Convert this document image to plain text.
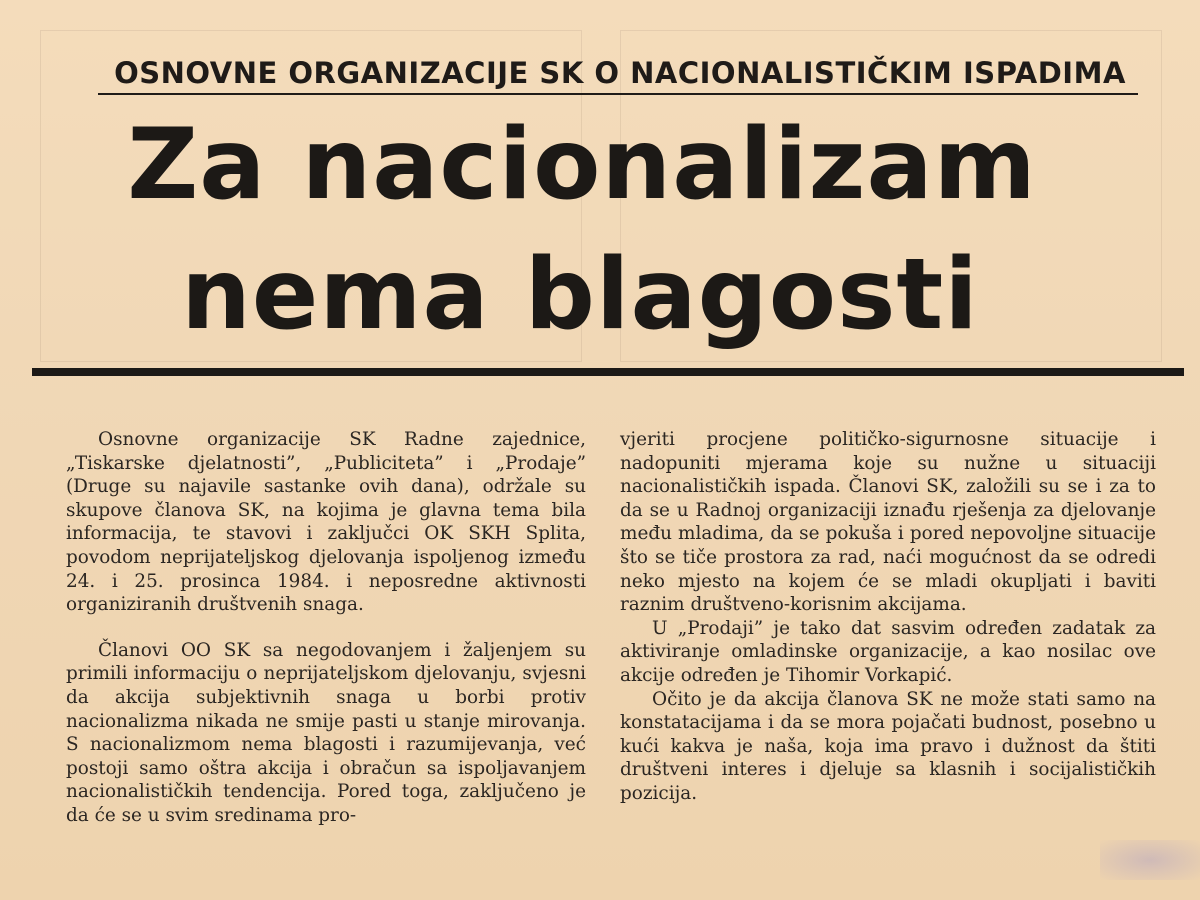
OSNOVNE ORGANIZACIJE SK O NACIONALISTIČKIM ISPADIMA
Za nacionalizam
nema blagosti

Osnovne organizacije SK Radne zajednice, „Tiskarske djelatnosti”, „Publiciteta” i „Prodaje” (Druge su najavile sastanke ovih dana), održale su skupove članova SK, na kojima je glavna tema bila informacija, te stavovi i zaključci OK SKH Splita, povodom neprijateljskog djelovanja ispoljenog između 24. i 25. prosinca 1984. i neposredne aktivnosti organiziranih društvenih snaga.

Članovi OO SK sa negodovanjem i žaljenjem su primili informaciju o neprijateljskom djelovanju, svjesni da akcija subjektivnih snaga u borbi protiv nacionalizma nikada ne smije pasti u stanje mirovanja. S nacionalizmom nema blagosti i razumijevanja, već postoji samo oštra akcija i obračun sa ispoljavanjem nacionalističkih tendencija. Pored toga, zaključeno je da će se u svim sredinama pro-

vjeriti procjene političko-sigurnosne situacije i nadopuniti mjerama koje su nužne u situaciji nacionalističkih ispada. Članovi SK, založili su se i za to da se u Radnoj organizaciji iznađu rješenja za djelovanje među mladima, da se pokuša i pored nepovoljne situacije što se tiče prostora za rad, naći mogućnost da se odredi neko mjesto na kojem će se mladi okupljati i baviti raznim društveno-korisnim akcijama.

U „Prodaji” je tako dat sasvim određen zadatak za aktiviranje omladinske organizacije, a kao nosilac ove akcije određen je Tihomir Vorkapić.

Očito je da akcija članova SK ne može stati samo na konstatacijama i da se mora pojačati budnost, posebno u kući kakva je naša, koja ima pravo i dužnost da štiti društveni interes i djeluje sa klasnih i socijalističkih pozicija.
